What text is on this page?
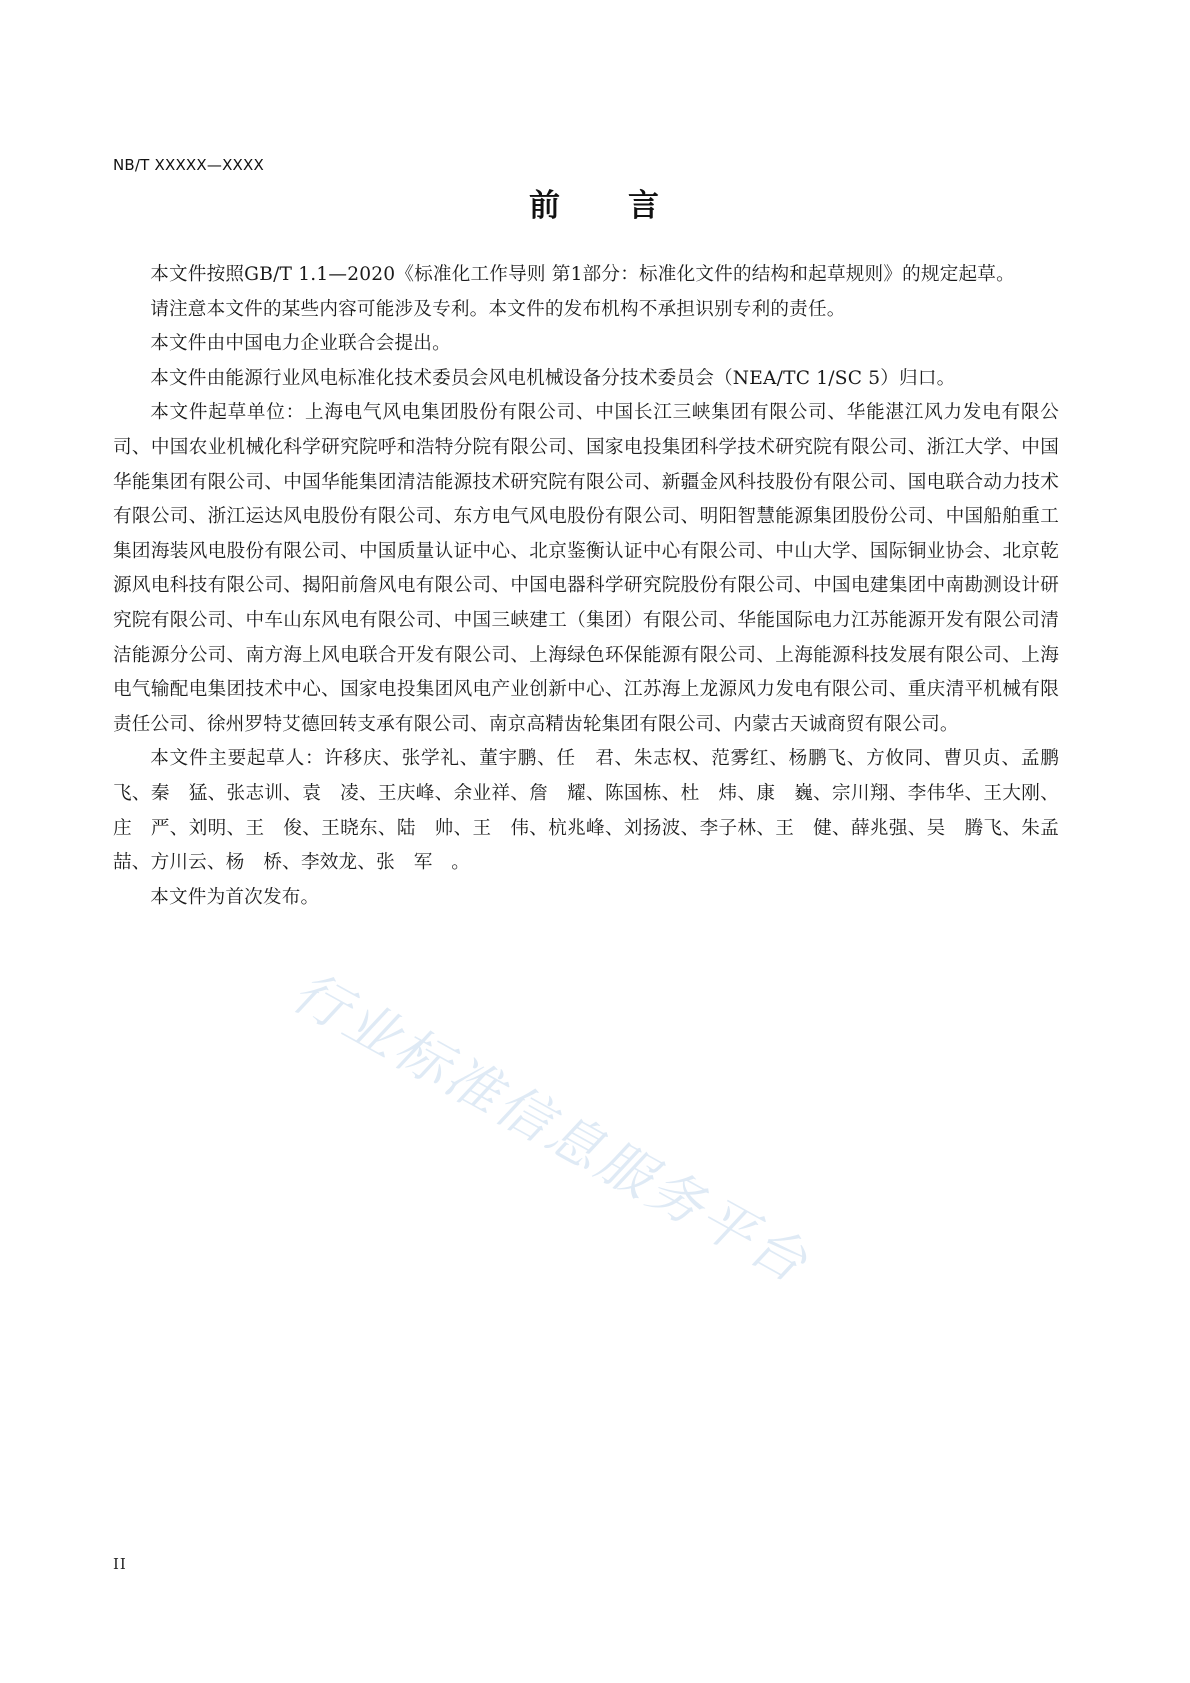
NB/T XXXXX—XXXX
前　　言

本文件按照GB/T 1.1—2020《标准化工作导则 第1部分：标准化文件的结构和起草规则》的规定起草。

请注意本文件的某些内容可能涉及专利。本文件的发布机构不承担识别专利的责任。

本文件由中国电力企业联合会提出。

本文件由能源行业风电标准化技术委员会风电机械设备分技术委员会（NEA/TC 1/SC 5）归口。

本文件起草单位：上海电气风电集团股份有限公司、中国长江三峡集团有限公司、华能湛江风力发电有限公司、中国农业机械化科学研究院呼和浩特分院有限公司、国家电投集团科学技术研究院有限公司、浙江大学、中国华能集团有限公司、中国华能集团清洁能源技术研究院有限公司、新疆金风科技股份有限公司、国电联合动力技术有限公司、浙江运达风电股份有限公司、东方电气风电股份有限公司、明阳智慧能源集团股份公司、中国船舶重工集团海装风电股份有限公司、中国质量认证中心、北京鉴衡认证中心有限公司、中山大学、国际铜业协会、北京乾源风电科技有限公司、揭阳前詹风电有限公司、中国电器科学研究院股份有限公司、中国电建集团中南勘测设计研究院有限公司、中车山东风电有限公司、中国三峡建工（集团）有限公司、华能国际电力江苏能源开发有限公司清洁能源分公司、南方海上风电联合开发有限公司、上海绿色环保能源有限公司、上海能源科技发展有限公司、上海电气输配电集团技术中心、国家电投集团风电产业创新中心、江苏海上龙源风力发电有限公司、重庆清平机械有限责任公司、徐州罗特艾德回转支承有限公司、南京高精齿轮集团有限公司、内蒙古天诚商贸有限公司。

本文件主要起草人：许移庆、张学礼、董宇鹏、任　君、朱志权、范雾红、杨鹏飞、方攸同、曹贝贞、孟鹏飞、秦　猛、张志训、袁　凌、王庆峰、余业祥、詹　耀、陈国栋、杜　炜、康　巍、宗川翔、李伟华、王大刚、庄　严、刘明、王　俊、王晓东、陆　帅、王　伟、杭兆峰、刘扬波、李子林、王　健、薛兆强、吴　腾飞、朱孟喆、方川云、杨　桥、李效龙、张　军　。

本文件为首次发布。

行业标准信息服务平台
II
